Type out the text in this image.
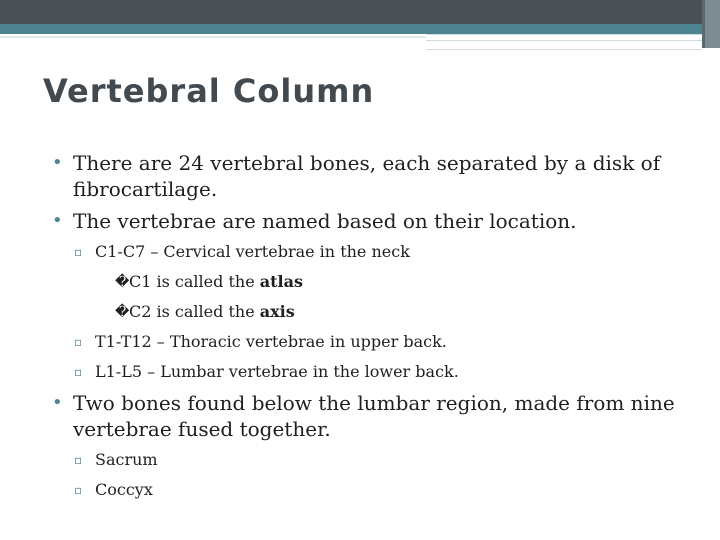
Vertebral Column
• There are 24 vertebral bones, each separated by a disk of fibrocartilage.
• The vertebrae are named based on their location.
▫ C1-C7 – Cervical vertebrae in the neck
� C1 is called the atlas
� C2 is called the axis
▫ T1-T12 – Thoracic vertebrae in upper back.
▫ L1-L5 – Lumbar vertebrae in the lower back.
• Two bones found below the lumbar region, made from nine vertebrae fused together.
▫ Sacrum
▫ Coccyx
